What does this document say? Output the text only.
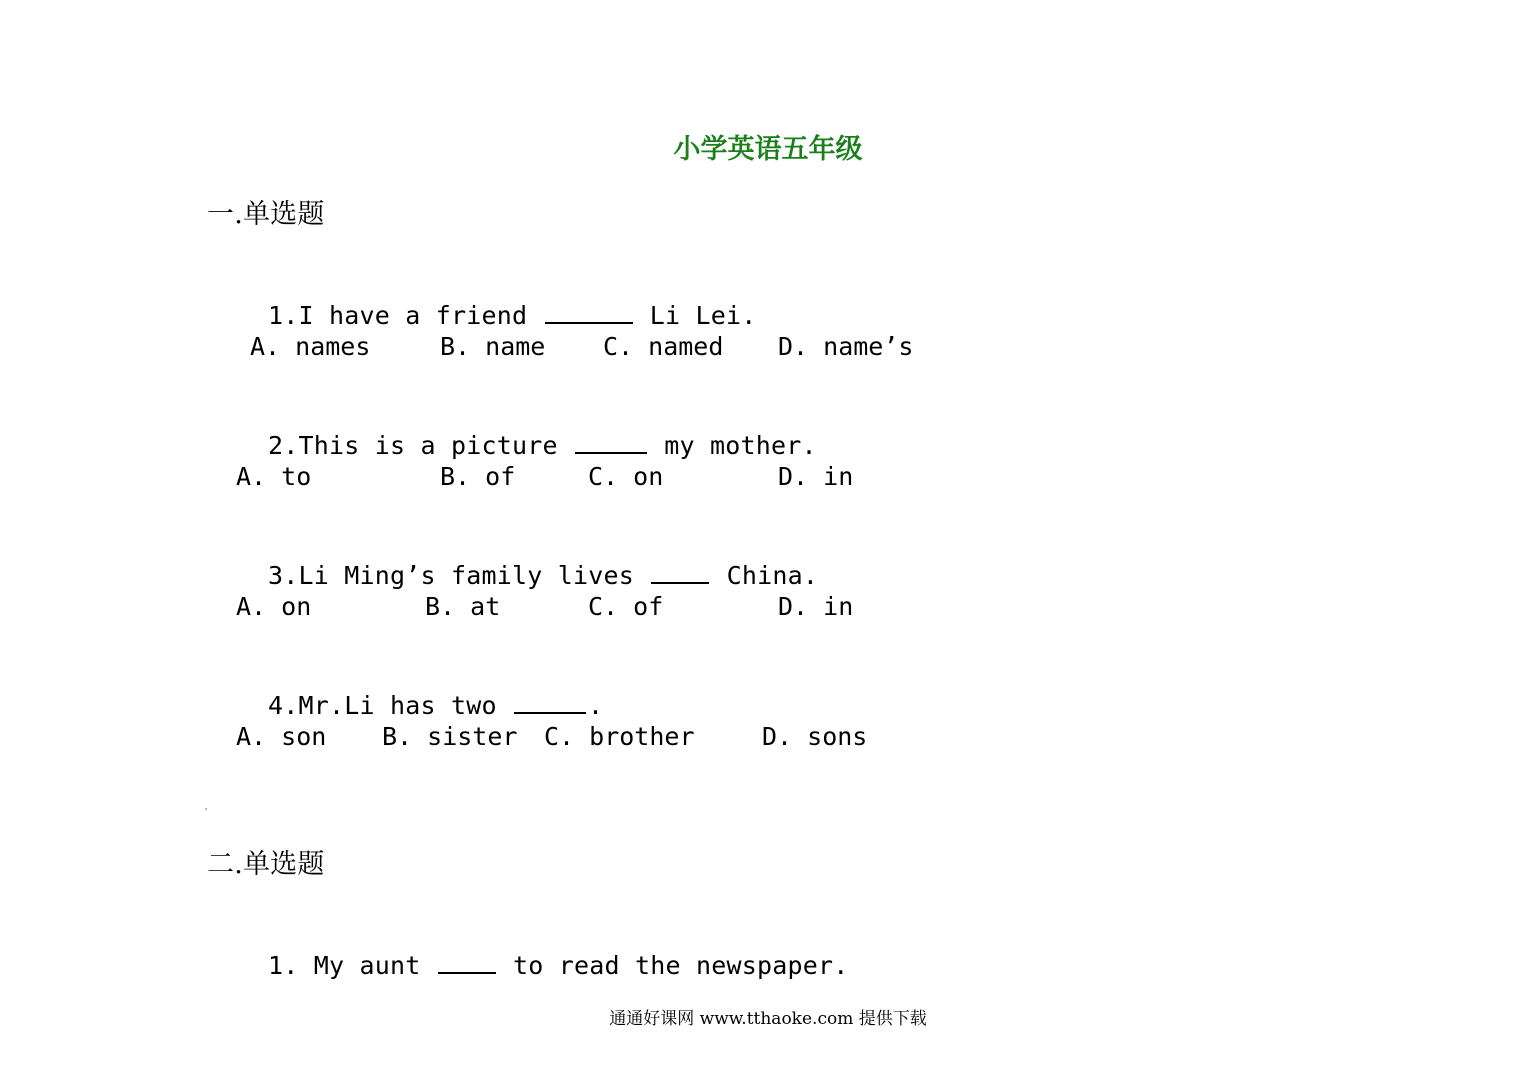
小学英语五年级
一.单选题

1.I have a friend	Li Lei.

A. names	B. name C. named D. name’s

2.This is a picture	my mother.

A. to	B. of	C. on	D. in

3.Li Ming’s family lives  China.

A. on	B. at	C. of	D. in

4.Mr.Li has two	.

A. son B. sister C. brother	D. sons
二.单选题

1. My aunt  to read the newspaper.

通通好课网 www.tthaoke.com 提供下载
